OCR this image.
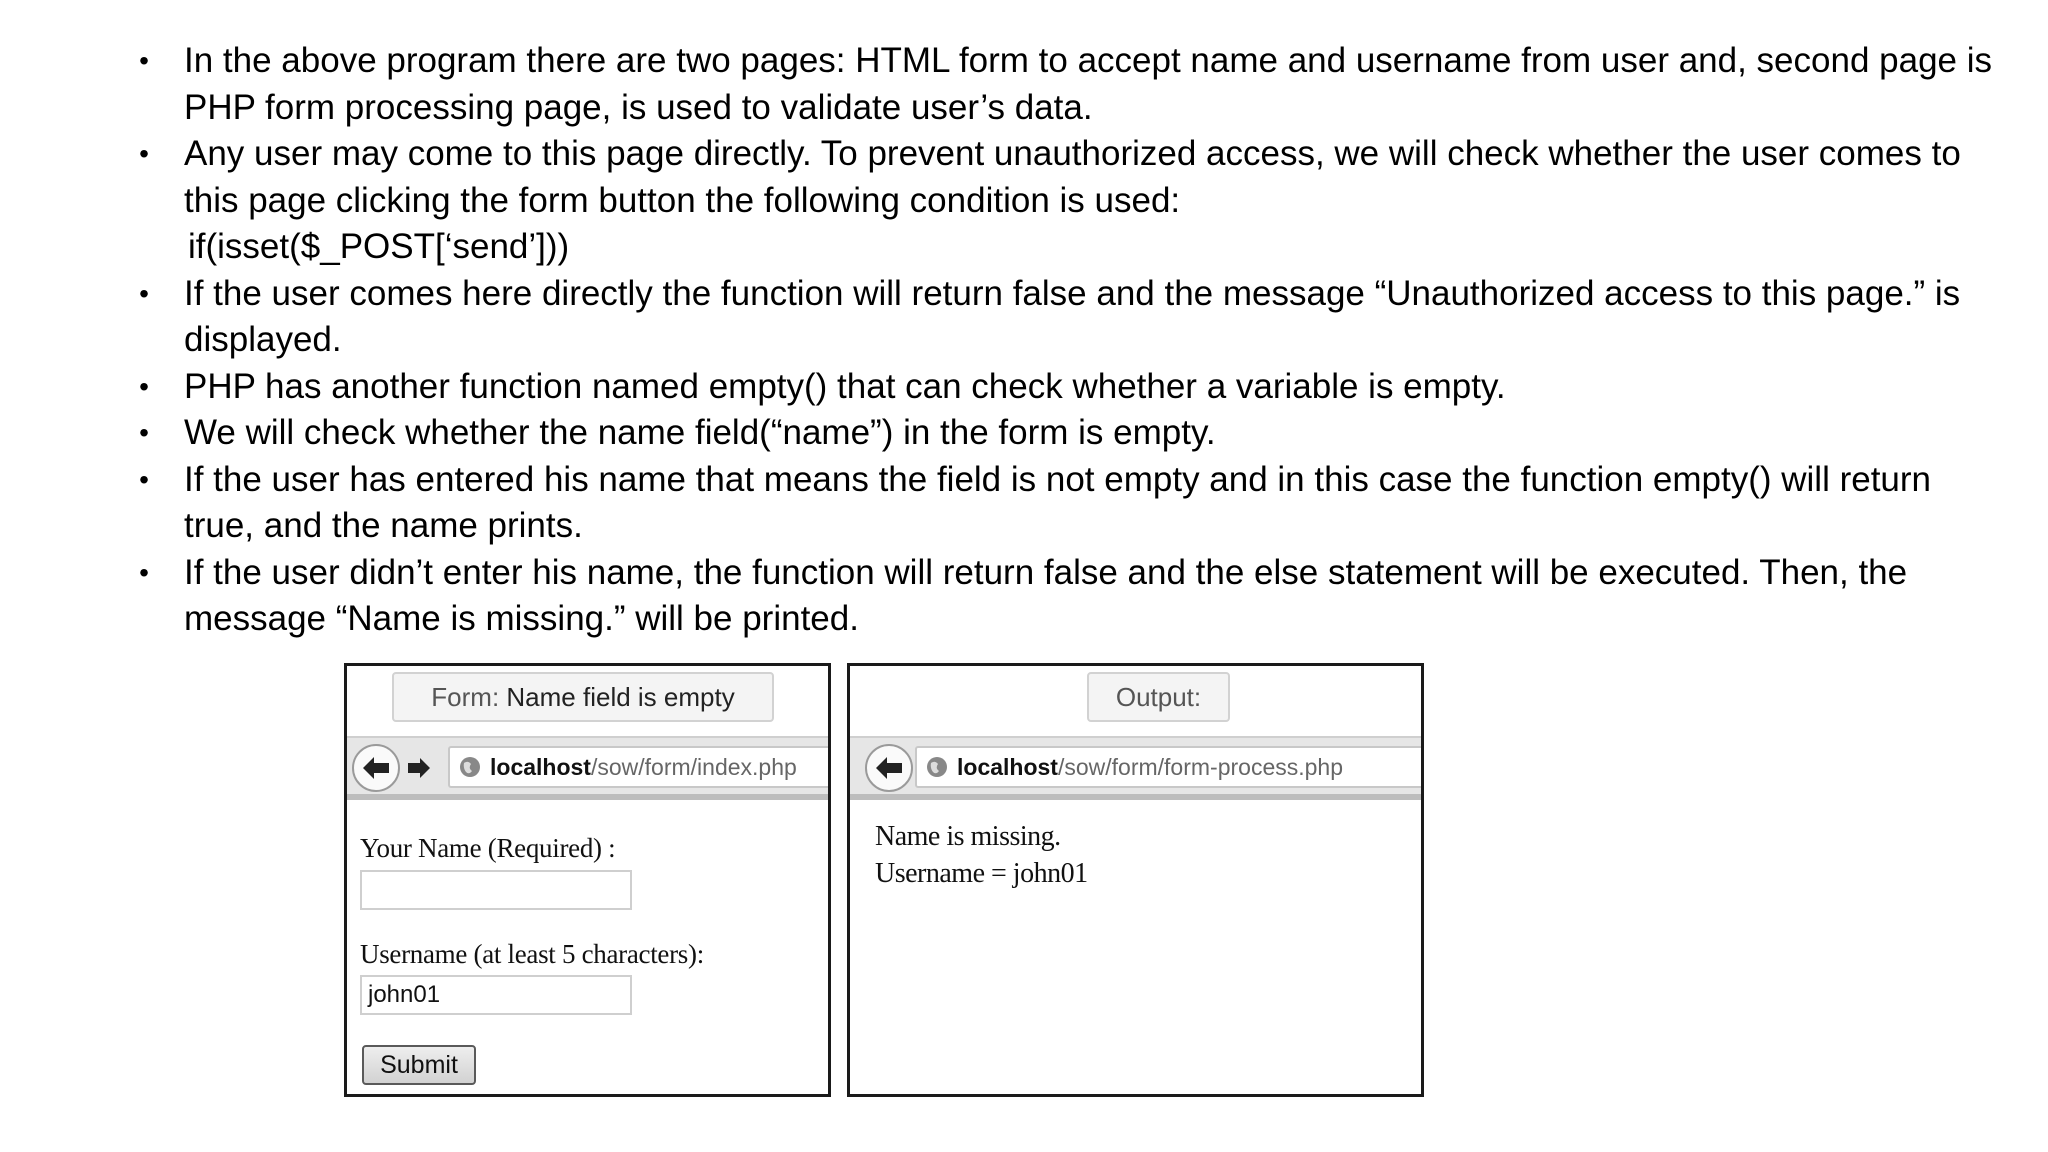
• In the above program there are two pages: HTML form to accept name and username from user and, second page is PHP form processing page, is used to validate user’s data.
• Any user may come to this page directly. To prevent unauthorized access, we will check whether the user comes to this page clicking the form button the following condition is used:
if(isset($_POST[‘send’]))
• If the user comes here directly the function will return false and the message “Unauthorized access to this page.” is displayed.
• PHP has another function named empty() that can check whether a variable is empty.
• We will check whether the name field(“name”) in the form is empty.
• If the user has entered his name that means the field is not empty and in this case the function empty() will return true, and the name prints.
• If the user didn’t enter his name, the function will return false and the else statement will be executed. Then, the message “Name is missing.” will be printed.
Form:
Name field is empty
localhost /sow/form/index.php
Your Name (Required) :
Username (at least 5 characters):
john01
Submit
Output:
localhost /sow/form/form-process.php
Name is missing.
Username = john01
